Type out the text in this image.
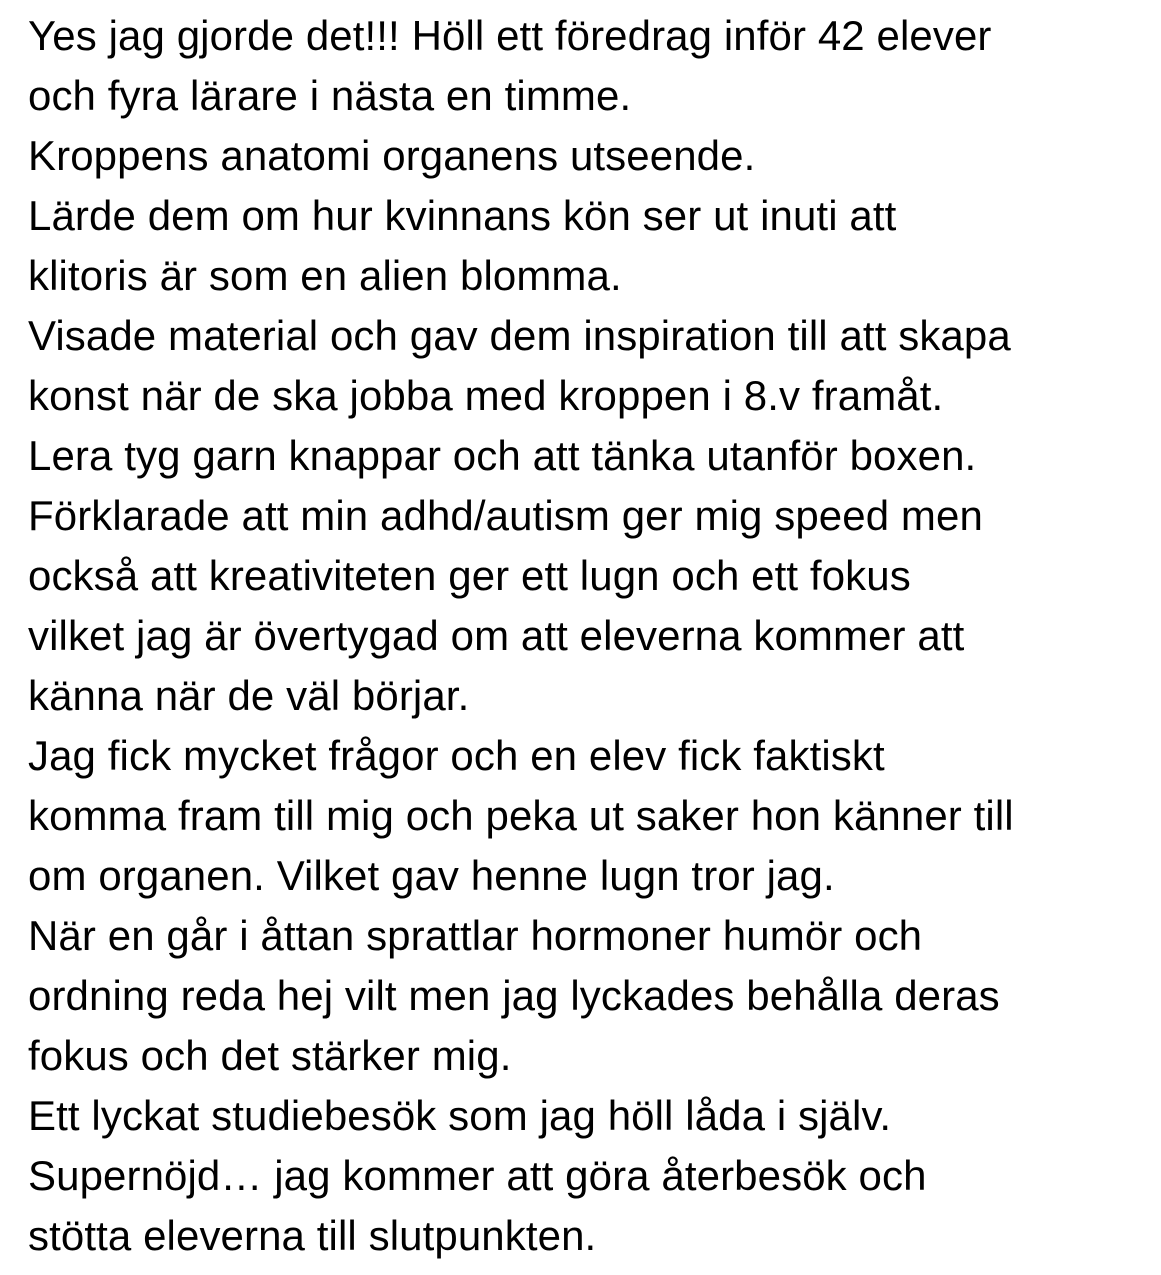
Yes jag gjorde det!!! Höll ett föredrag inför 42 elever
och fyra lärare i nästa en timme.
Kroppens anatomi organens utseende.
Lärde dem om hur kvinnans kön ser ut inuti att
klitoris är som en alien blomma.
Visade material och gav dem inspiration till att skapa
konst när de ska jobba med kroppen i 8.v framåt.
Lera tyg garn knappar och att tänka utanför boxen.
Förklarade att min adhd/autism ger mig speed men
också att kreativiteten ger ett lugn och ett fokus
vilket jag är övertygad om att eleverna kommer att
känna när de väl börjar.
Jag fick mycket frågor och en elev fick faktiskt
komma fram till mig och peka ut saker hon känner till
om organen. Vilket gav henne lugn tror jag.
När en går i åttan sprattlar hormoner humör och
ordning reda hej vilt men jag lyckades behålla deras
fokus och det stärker mig.
Ett lyckat studiebesök som jag höll låda i själv.
Supernöjd… jag kommer att göra återbesök och
stötta eleverna till slutpunkten.
